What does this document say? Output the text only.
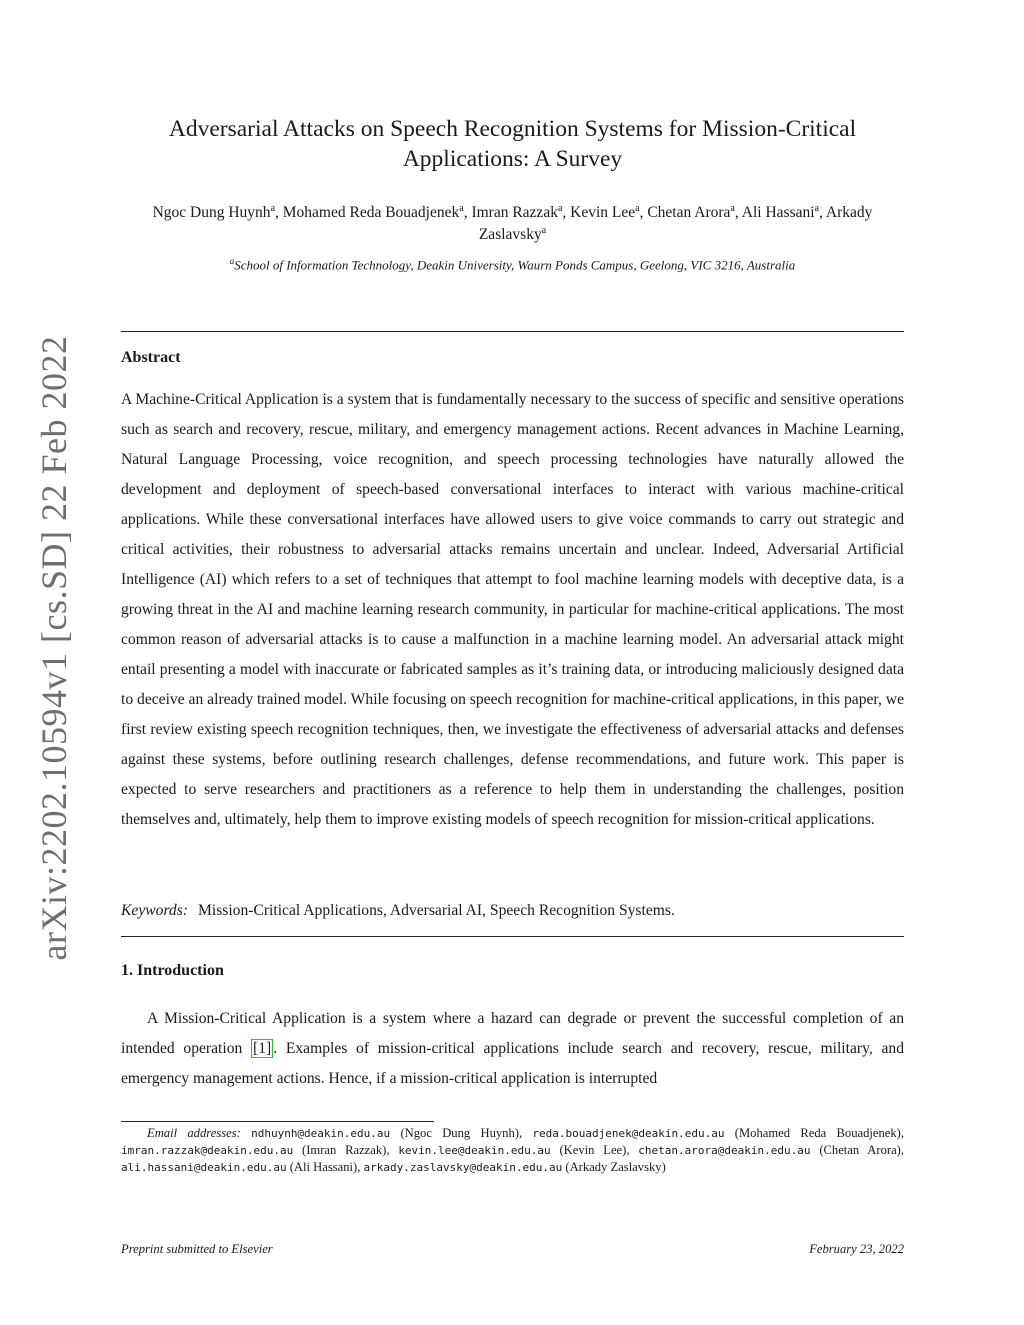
arXiv:2202.10594v1 [cs.SD] 22 Feb 2022
Adversarial Attacks on Speech Recognition Systems for Mission-Critical Applications: A Survey
Ngoc Dung Huynh$^a$, Mohamed Reda Bouadjenek$^a$, Imran Razzak$^a$, Kevin Lee$^a$, Chetan Arora$^a$, Ali Hassani$^a$, Arkady Zaslavsky$^a$
$^a$School of Information Technology, Deakin University, Waurn Ponds Campus, Geelong, VIC 3216, Australia
Abstract

A Machine-Critical Application is a system that is fundamentally necessary to the success of specific and sensitive operations such as search and recovery, rescue, military, and emergency management actions. Recent advances in Machine Learning, Natural Language Processing, voice recognition, and speech processing technologies have naturally allowed the development and deployment of speech-based conversational interfaces to interact with various machine-critical applications. While these conversational interfaces have allowed users to give voice commands to carry out strategic and critical activities, their robustness to adversarial attacks remains uncertain and unclear. Indeed, Adversarial Artificial Intelligence (AI) which refers to a set of techniques that attempt to fool machine learning models with deceptive data, is a growing threat in the AI and machine learning research community, in particular for machine-critical applications. The most common reason of adversarial attacks is to cause a malfunction in a machine learning model. An adversarial attack might entail presenting a model with inaccurate or fabricated samples as it’s training data, or introducing maliciously designed data to deceive an already trained model. While focusing on speech recognition for machine-critical applications, in this paper, we first review existing speech recognition techniques, then, we investigate the effectiveness of adversarial attacks and defenses against these systems, before outlining research challenges, defense recommendations, and future work. This paper is expected to serve researchers and practitioners as a reference to help them in understanding the challenges, position themselves and, ultimately, help them to improve existing models of speech recognition for mission-critical applications.

Keywords: Mission-Critical Applications, Adversarial AI, Speech Recognition Systems.
1. Introduction

A Mission-Critical Application is a system where a hazard can degrade or prevent the successful completion of an intended operation [1] . Examples of mission-critical applications include search and recovery, rescue, military, and emergency management actions. Hence, if a mission-critical application is interrupted

Email addresses: ndhuynh@deakin.edu.au (Ngoc Dung Huynh), reda.bouadjenek@deakin.edu.au (Mohamed Reda Bouadjenek), imran.razzak@deakin.edu.au (Imran Razzak), kevin.lee@deakin.edu.au (Kevin Lee), chetan.arora@deakin.edu.au (Chetan Arora), ali.hassani@deakin.edu.au (Ali Hassani), arkady.zaslavsky@deakin.edu.au (Arkady Zaslavsky)

Preprint submitted to Elsevier	February 23, 2022
